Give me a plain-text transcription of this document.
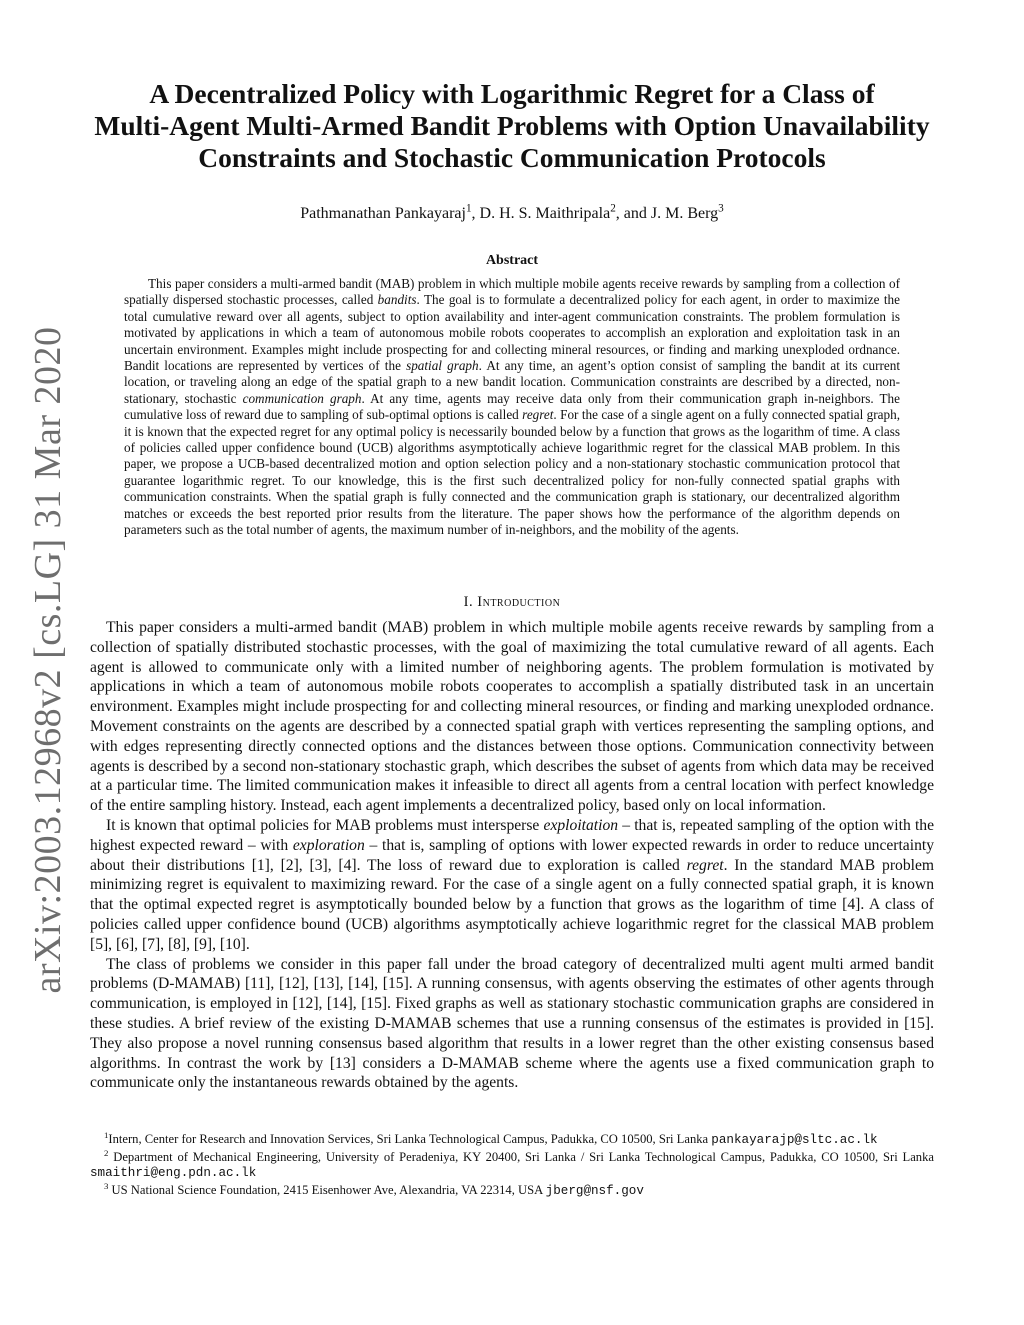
arXiv:2003.12968v2 [cs.LG] 31 Mar 2020
A Decentralized Policy with Logarithmic Regret for a Class of
Multi-Agent Multi-Armed Bandit Problems with Option Unavailability
Constraints and Stochastic Communication Protocols
Pathmanathan Pankayaraj$^1$, D. H. S. Maithripala$^2$, and J. M. Berg$^3$
Abstract

This paper considers a multi-armed bandit (MAB) problem in which multiple mobile agents receive rewards by sampling from a collection of spatially dispersed stochastic processes, called bandits. The goal is to formulate a decentralized policy for each agent, in order to maximize the total cumulative reward over all agents, subject to option availability and inter-agent communication constraints. The problem formulation is motivated by applications in which a team of autonomous mobile robots cooperates to accomplish an exploration and exploitation task in an uncertain environment. Examples might include prospecting for and collecting mineral resources, or finding and marking unexploded ordnance. Bandit locations are represented by vertices of the spatial graph. At any time, an agent’s option consist of sampling the bandit at its current location, or traveling along an edge of the spatial graph to a new bandit location. Communication constraints are described by a directed, non-stationary, stochastic communication graph. At any time, agents may receive data only from their communication graph in-neighbors. The cumulative loss of reward due to sampling of sub-optimal options is called regret. For the case of a single agent on a fully connected spatial graph, it is known that the expected regret for any optimal policy is necessarily bounded below by a function that grows as the logarithm of time. A class of policies called upper confidence bound (UCB) algorithms asymptotically achieve logarithmic regret for the classical MAB problem. In this paper, we propose a UCB-based decentralized motion and option selection policy and a non-stationary stochastic communication protocol that guarantee logarithmic regret. To our knowledge, this is the first such decentralized policy for non-fully connected spatial graphs with communication constraints. When the spatial graph is fully connected and the communication graph is stationary, our decentralized algorithm matches or exceeds the best reported prior results from the literature. The paper shows how the performance of the algorithm depends on parameters such as the total number of agents, the maximum number of in-neighbors, and the mobility of the agents.

I. Introduction

This paper considers a multi-armed bandit (MAB) problem in which multiple mobile agents receive rewards by sampling from a collection of spatially distributed stochastic processes, with the goal of maximizing the total cumulative reward of all agents. Each agent is allowed to communicate only with a limited number of neighboring agents. The problem formulation is motivated by applications in which a team of autonomous mobile robots cooperates to accomplish a spatially distributed task in an uncertain environment. Examples might include prospecting for and collecting mineral resources, or finding and marking unexploded ordnance. Movement constraints on the agents are described by a connected spatial graph with vertices representing the sampling options, and with edges representing directly connected options and the distances between those options. Communication connectivity between agents is described by a second non-stationary stochastic graph, which describes the subset of agents from which data may be received at a particular time. The limited communication makes it infeasible to direct all agents from a central location with perfect knowledge of the entire sampling history. Instead, each agent implements a decentralized policy, based only on local information.

It is known that optimal policies for MAB problems must intersperse exploitation – that is, repeated sampling of the option with the highest expected reward – with exploration – that is, sampling of options with lower expected rewards in order to reduce uncertainty about their distributions [1], [2], [3], [4]. The loss of reward due to exploration is called regret. In the standard MAB problem minimizing regret is equivalent to maximizing reward. For the case of a single agent on a fully connected spatial graph, it is known that the optimal expected regret is asymptotically bounded below by a function that grows as the logarithm of time [4]. A class of policies called upper confidence bound (UCB) algorithms asymptotically achieve logarithmic regret for the classical MAB problem [5], [6], [7], [8], [9], [10].

The class of problems we consider in this paper fall under the broad category of decentralized multi agent multi armed bandit problems (D-MAMAB) [11], [12], [13], [14], [15]. A running consensus, with agents observing the estimates of other agents through communication, is employed in [12], [14], [15]. Fixed graphs as well as stationary stochastic communication graphs are considered in these studies. A brief review of the existing D-MAMAB schemes that use a running consensus of the estimates is provided in [15]. They also propose a novel running consensus based algorithm that results in a lower regret than the other existing consensus based algorithms. In contrast the work by [13] considers a D-MAMAB scheme where the agents use a fixed communication graph to communicate only the instantaneous rewards obtained by the agents.

$^1$Intern, Center for Research and Innovation Services, Sri Lanka Technological Campus, Padukka, CO 10500, Sri Lanka pankayarajp@sltc.ac.lk

$^2$ Department of Mechanical Engineering, University of Peradeniya, KY 20400, Sri Lanka / Sri Lanka Technological Campus, Padukka, CO 10500, Sri Lanka smaithri@eng.pdn.ac.lk

$^3$ US National Science Foundation, 2415 Eisenhower Ave, Alexandria, VA 22314, USA jberg@nsf.gov
